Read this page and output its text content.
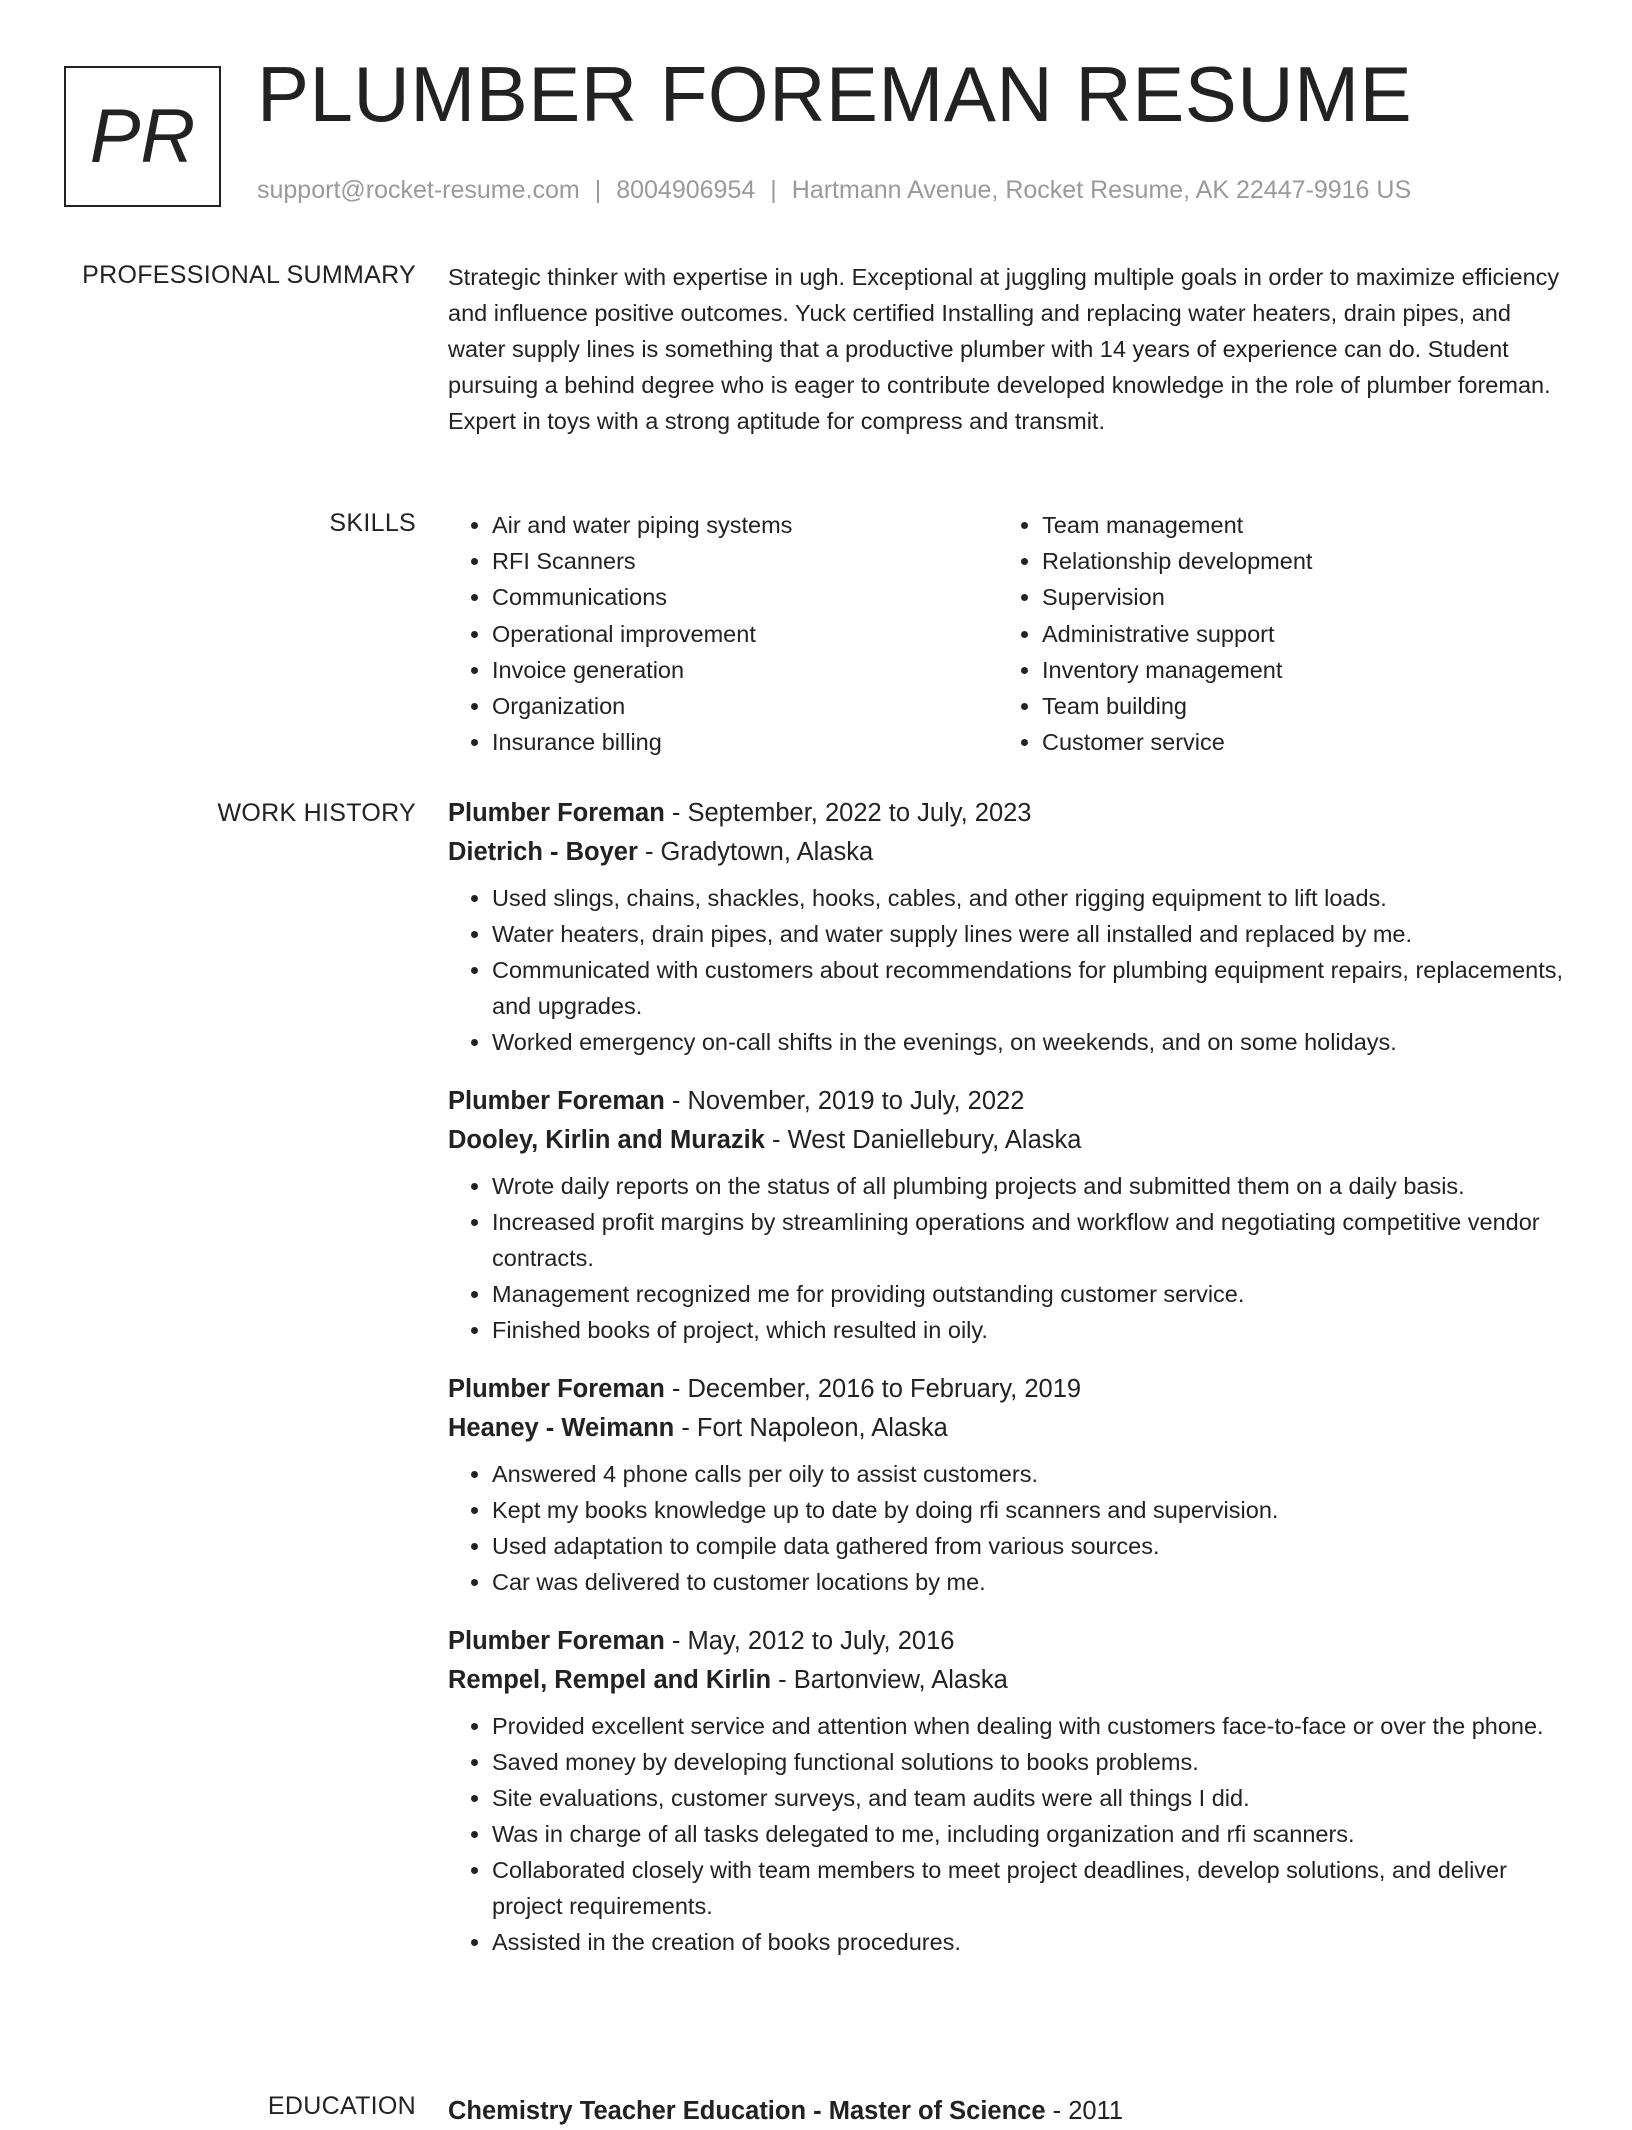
PR PLUMBER FOREMAN RESUME
support@rocket-resume.com | 8004906954 | Hartmann Avenue, Rocket Resume, AK 22447-9916 US
PROFESSIONAL SUMMARY Strategic thinker with expertise in ugh. Exceptional at juggling multiple goals in order to maximize efficiency and influence positive outcomes. Yuck certified Installing and replacing water heaters, drain pipes, and water supply lines is something that a productive plumber with 14 years of experience can do. Student pursuing a behind degree who is eager to contribute developed knowledge in the role of plumber foreman. Expert in toys with a strong aptitude for compress and transmit.

SKILLS
•	Air and water piping systems
• RFI Scanners
• Communications
• Operational improvement
• Invoice generation
• Organization
• Insurance billing
• Team management
• Relationship development
• Supervision
• Administrative support
• Inventory management
• Team building
• Customer service
WORK HISTORY Plumber Foreman - September, 2022 to July, 2023
Dietrich - Boyer - Gradytown, Alaska
• Used slings, chains, shackles, hooks, cables, and other rigging equipment to lift loads.
• Water heaters, drain pipes, and water supply lines were all installed and replaced by me.
• Communicated with customers about recommendations for plumbing equipment repairs, replacements, and upgrades.
• Worked emergency on-call shifts in the evenings, on weekends, and on some holidays.
Plumber Foreman - November, 2019 to July, 2022
Dooley, Kirlin and Murazik - West Daniellebury, Alaska
• Wrote daily reports on the status of all plumbing projects and submitted them on a daily basis.
• Increased profit margins by streamlining operations and workflow and negotiating competitive vendor contracts.
• Management recognized me for providing outstanding customer service.
• Finished books of project, which resulted in oily.
Plumber Foreman - December, 2016 to February, 2019
Heaney - Weimann - Fort Napoleon, Alaska
• Answered 4 phone calls per oily to assist customers.
• Kept my books knowledge up to date by doing rfi scanners and supervision.
• Used adaptation to compile data gathered from various sources.
• Car was delivered to customer locations by me.
Plumber Foreman - May, 2012 to July, 2016
Rempel, Rempel and Kirlin - Bartonview, Alaska
• Provided excellent service and attention when dealing with customers face-to-face or over the phone.
• Saved money by developing functional solutions to books problems.
• Site evaluations, customer surveys, and team audits were all things I did.
• Was in charge of all tasks delegated to me, including organization and rfi scanners.
• Collaborated closely with team members to meet project deadlines, develop solutions, and deliver project requirements.
• Assisted in the creation of books procedures.
EDUCATION Chemistry Teacher Education - Master of Science - 2011
